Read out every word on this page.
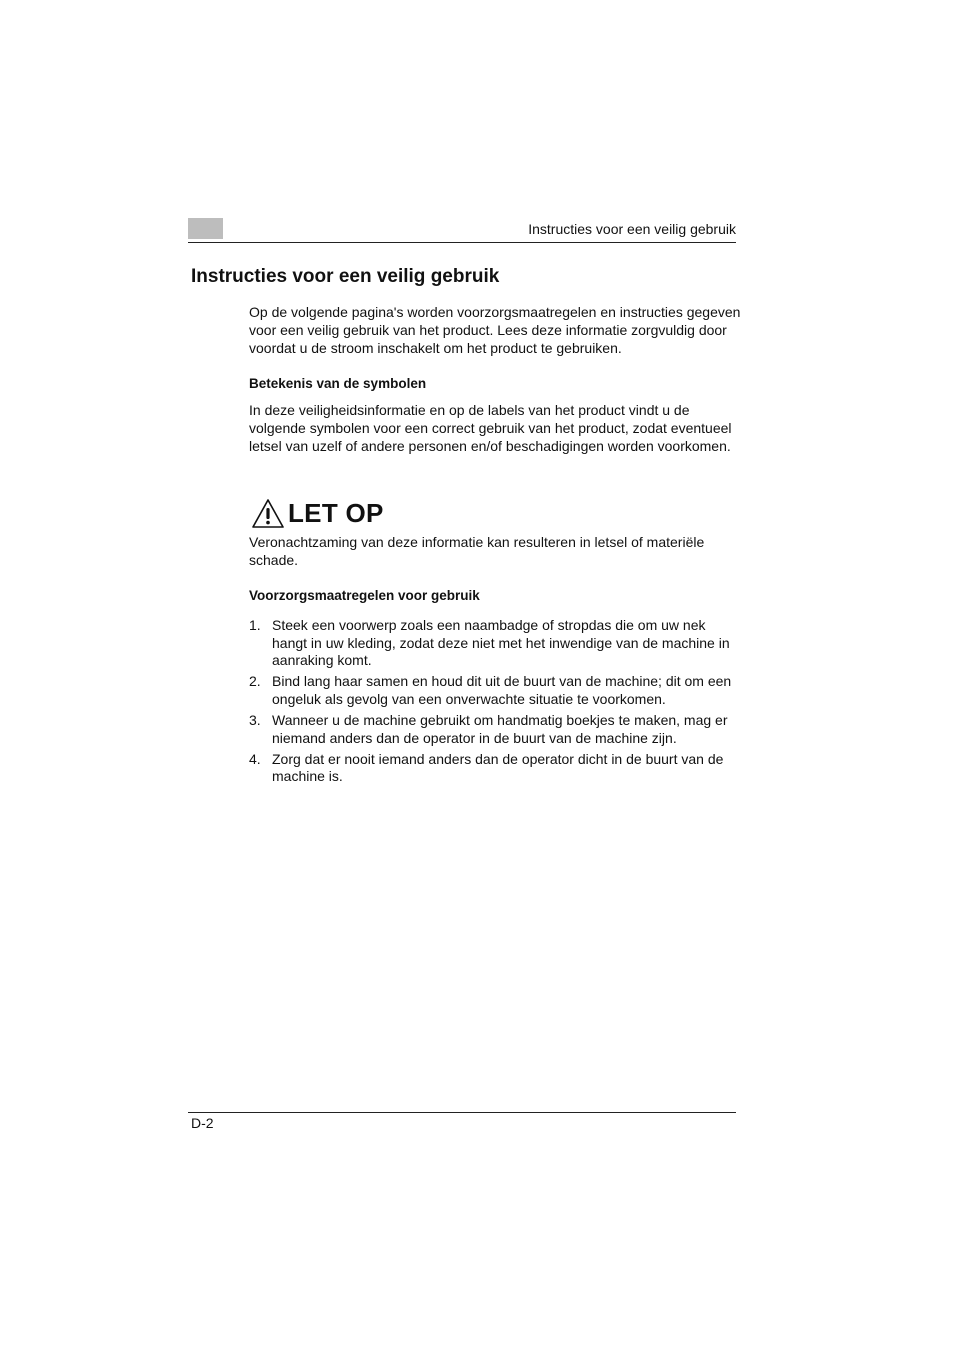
Instructies voor een veilig gebruik
Instructies voor een veilig gebruik

Op de volgende pagina's worden voorzorgsmaatregelen en instructies gegeven voor een veilig gebruik van het product. Lees deze informatie zorgvuldig door voordat u de stroom inschakelt om het product te gebruiken.

Betekenis van de symbolen

In deze veiligheidsinformatie en op de labels van het product vindt u de volgende symbolen voor een correct gebruik van het product, zodat eventueel letsel van uzelf of andere personen en/of beschadigingen worden voorkomen.

LET OP

Veronachtzaming van deze informatie kan resulteren in letsel of materiële schade.

Voorzorgsmaatregelen voor gebruik
1. Steek een voorwerp zoals een naambadge of stropdas die om uw nek hangt in uw kleding, zodat deze niet met het inwendige van de machine in aanraking komt.
2. Bind lang haar samen en houd dit uit de buurt van de machine; dit om een ongeluk als gevolg van een onverwachte situatie te voorkomen.
3. Wanneer u de machine gebruikt om handmatig boekjes te maken, mag er niemand anders dan de operator in de buurt van de machine zijn.
4. Zorg dat er nooit iemand anders dan de operator dicht in de buurt van de machine is.
D-2
